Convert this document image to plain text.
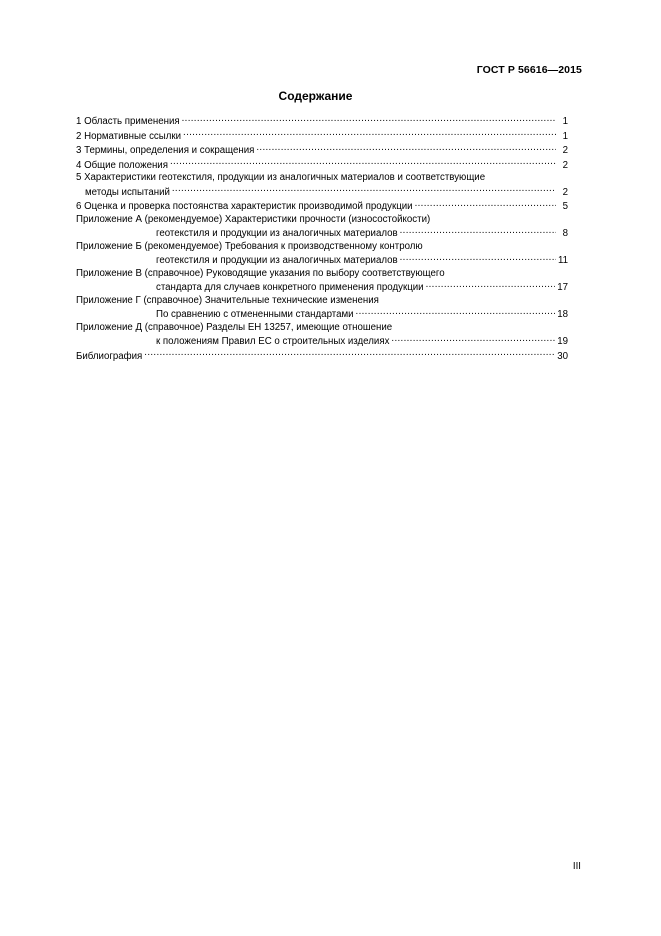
ГОСТ Р 56616—2015
Содержание
1 Область применения .....	1
2 Нормативные ссылки .....	1
3 Термины, определения и сокращения .....	2
4 Общие положения .....	2
5 Характеристики геотекстиля, продукции из аналогичных материалов и соответствующие
методы испытаний .....	2
6 Оценка и проверка постоянства характеристик производимой продукции .....	5
Приложение А (рекомендуемое) Характеристики прочности (износостойкости)
геотекстиля и продукции из аналогичных материалов .....	8
Приложение Б (рекомендуемое) Требования к производственному контролю
геотекстиля и продукции из аналогичных материалов .....	11
Приложение В (справочное) Руководящие указания по выбору соответствующего
стандарта для случаев конкретного применения продукции .....	17
Приложение Г (справочное) Значительные технические изменения
По сравнению с отмененными стандартами .....	18
Приложение Д (справочное) Разделы ЕН 13257, имеющие отношение
к положениям Правил ЕС о строительных изделиях .....	19
Библиография .....	30
III
